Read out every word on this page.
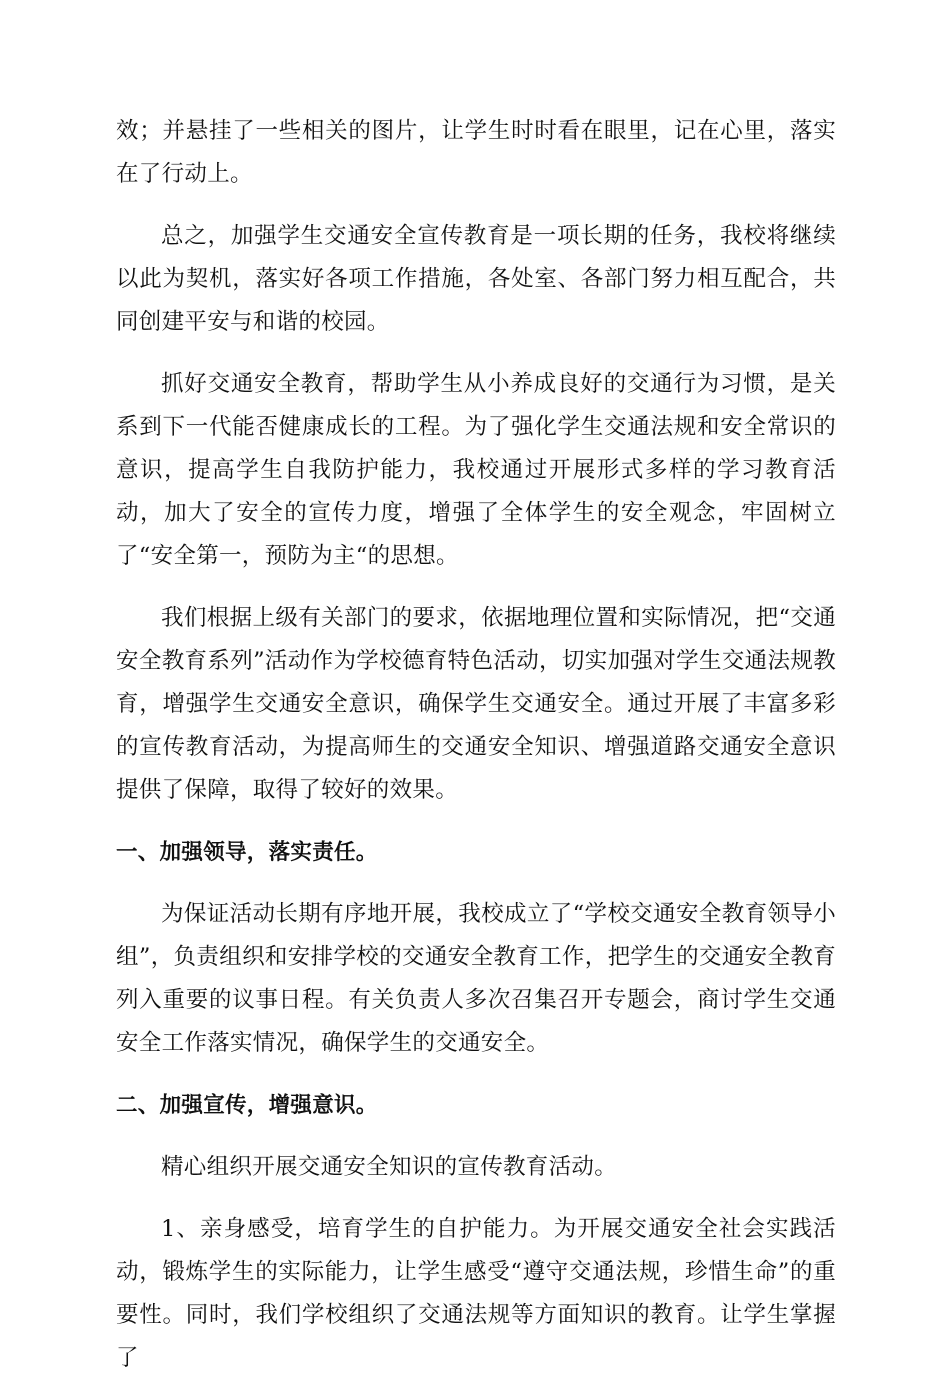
效；并悬挂了一些相关的图片，让学生时时看在眼里，记在心里，落实在了行动上。

总之，加强学生交通安全宣传教育是一项长期的任务，我校将继续以此为契机，落实好各项工作措施，各处室、各部门努力相互配合，共同创建平安与和谐的校园。

抓好交通安全教育，帮助学生从小养成良好的交通行为习惯，是关系到下一代能否健康成长的工程。为了强化学生交通法规和安全常识的意识，提高学生自我防护能力，我校通过开展形式多样的学习教育活动，加大了安全的宣传力度，增强了全体学生的安全观念，牢固树立了“安全第一，预防为主“的思想。

我们根据上级有关部门的要求，依据地理位置和实际情况，把“交通安全教育系列”活动作为学校德育特色活动，切实加强对学生交通法规教育，增强学生交通安全意识，确保学生交通安全。通过开展了丰富多彩的宣传教育活动，为提高师生的交通安全知识、增强道路交通安全意识提供了保障，取得了较好的效果。

一、加强领导，落实责任。

为保证活动长期有序地开展，我校成立了“学校交通安全教育领导小组”，负责组织和安排学校的交通安全教育工作，把学生的交通安全教育列入重要的议事日程。有关负责人多次召集召开专题会，商讨学生交通安全工作落实情况，确保学生的交通安全。

二、加强宣传，增强意识。

精心组织开展交通安全知识的宣传教育活动。

1、亲身感受，培育学生的自护能力。为开展交通安全社会实践活动，锻炼学生的实际能力，让学生感受“遵守交通法规，珍惜生命”的重要性。同时，我们学校组织了交通法规等方面知识的教育。让学生掌握了
